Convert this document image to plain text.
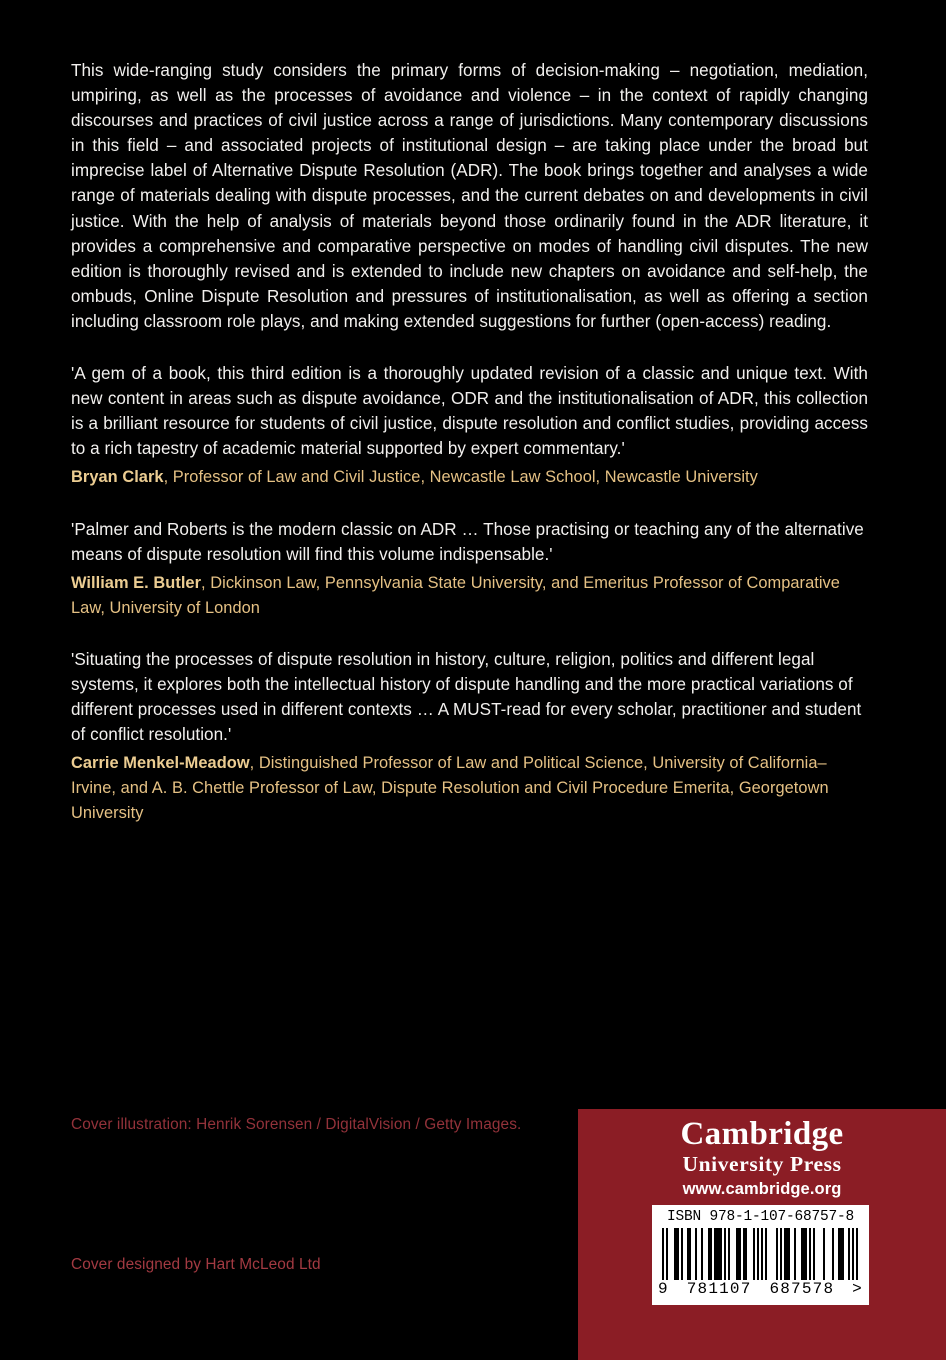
This wide-ranging study considers the primary forms of decision-making – negotiation, mediation, umpiring, as well as the processes of avoidance and violence – in the context of rapidly changing discourses and practices of civil justice across a range of jurisdictions. Many contemporary discussions in this field – and associated projects of institutional design – are taking place under the broad but imprecise label of Alternative Dispute Resolution (ADR). The book brings together and analyses a wide range of materials dealing with dispute processes, and the current debates on and developments in civil justice. With the help of analysis of materials beyond those ordinarily found in the ADR literature, it provides a comprehensive and comparative perspective on modes of handling civil disputes. The new edition is thoroughly revised and is extended to include new chapters on avoidance and self-help, the ombuds, Online Dispute Resolution and pressures of institutionalisation, as well as offering a section including classroom role plays, and making extended suggestions for further (open-access) reading.

'A gem of a book, this third edition is a thoroughly updated revision of a classic and unique text. With new content in areas such as dispute avoidance, ODR and the institutionalisation of ADR, this collection is a brilliant resource for students of civil justice, dispute resolution and conflict studies, providing access to a rich tapestry of academic material supported by expert commentary.'

Bryan Clark, Professor of Law and Civil Justice, Newcastle Law School, Newcastle University

'Palmer and Roberts is the modern classic on ADR … Those practising or teaching any of the alternative means of dispute resolution will find this volume indispensable.'

William E. Butler, Dickinson Law, Pennsylvania State University, and Emeritus Professor of Comparative Law, University of London

'Situating the processes of dispute resolution in history, culture, religion, politics and different legal systems, it explores both the intellectual history of dispute handling and the more practical variations of different processes used in different contexts … A MUST-read for every scholar, practitioner and student of conflict resolution.'

Carrie Menkel-Meadow, Distinguished Professor of Law and Political Science, University of California–Irvine, and A. B. Chettle Professor of Law, Dispute Resolution and Civil Procedure Emerita, Georgetown University

Cover illustration: Henrik Sorensen / DigitalVision / Getty Images.
Cover designed by Hart McLeod Ltd
Cambridge
University Press
www.cambridge.org
ISBN 978-1-107-68757-8
9 781107 687578 >
